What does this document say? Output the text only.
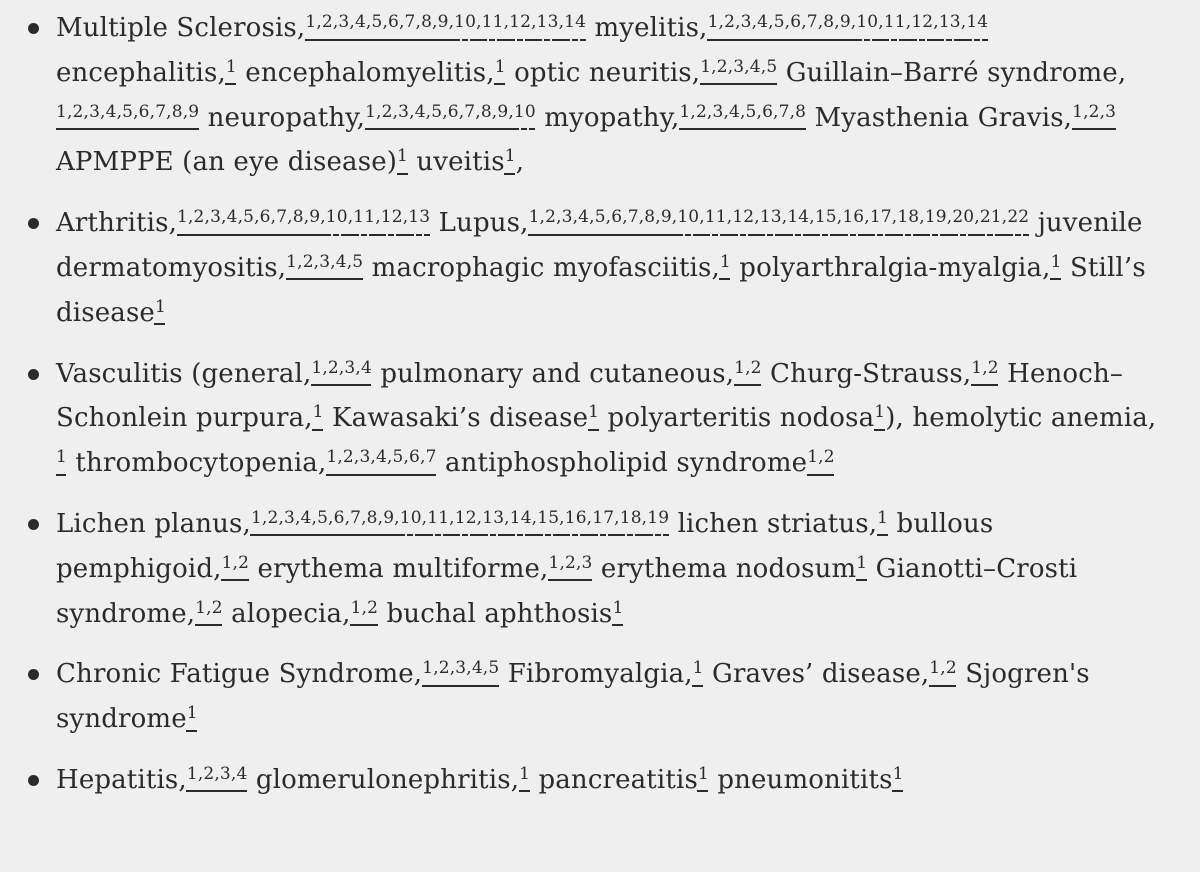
Multiple Sclerosis, 1 , 2 , 3 , 4 , 5 , 6 , 7 , 8 , 9 , 10 , 11 , 12 , 13 , 14 myelitis, 1 , 2 , 3 , 4 , 5 , 6 , 7 , 8 , 9 , 10 , 11 , 12 , 13 , 14
encephalitis, 1 encephalomyelitis, 1 optic neuritis, 1 , 2 , 3 , 4 , 5 Guillain–Barré syndrome,
1 , 2 , 3 , 4 , 5 , 6 , 7 , 8 , 9 neuropathy, 1 , 2 , 3 , 4 , 5 , 6 , 7 , 8 , 9 , 10 myopathy, 1 , 2 , 3 , 4 , 5 , 6 , 7 , 8 Myasthenia Gravis, 1 , 2 , 3
APMPPE (an eye disease) 1 uveitis 1 ,
Arthritis, 1 , 2 , 3 , 4 , 5 , 6 , 7 , 8 , 9 , 10 , 11 , 12 , 13 Lupus, 1 , 2 , 3 , 4 , 5 , 6 , 7 , 8 , 9 , 10 , 11 , 12 , 13 , 14 , 15 , 16 , 17 , 18 , 19 , 20 , 21 , 22 juvenile dermatomyositis, 1 , 2 , 3 , 4 , 5 macrophagic myofasciitis, 1 polyarthralgia-myalgia, 1 Still’s disease 1
Vasculitis (general, 1 , 2 , 3 , 4 pulmonary and cutaneous, 1 , 2 Churg-Strauss, 1 , 2 Henoch–Schonlein purpura, 1 Kawasaki’s disease 1 polyarteritis nodosa 1 ), hemolytic anemia,
1 thrombocytopenia, 1 , 2 , 3 , 4 , 5 , 6 , 7 antiphospholipid syndrome 1 , 2
Lichen planus, 1 , 2 , 3 , 4 , 5 , 6 , 7 , 8 , 9 , 10 , 11 , 12 , 13 , 14 , 15 , 16 , 17 , 18 , 19 lichen striatus, 1 bullous pemphigoid, 1 , 2 erythema multiforme, 1 , 2 , 3 erythema nodosum 1 Gianotti–Crosti syndrome, 1 , 2 alopecia, 1 , 2 buchal aphthosis 1
Chronic Fatigue Syndrome, 1 , 2 , 3 , 4 , 5 Fibromyalgia, 1 Graves’ disease, 1 , 2 Sjogren's syndrome 1
Hepatitis, 1 , 2 , 3 , 4 glomerulonephritis, 1 pancreatitis 1 pneumonitits 1
